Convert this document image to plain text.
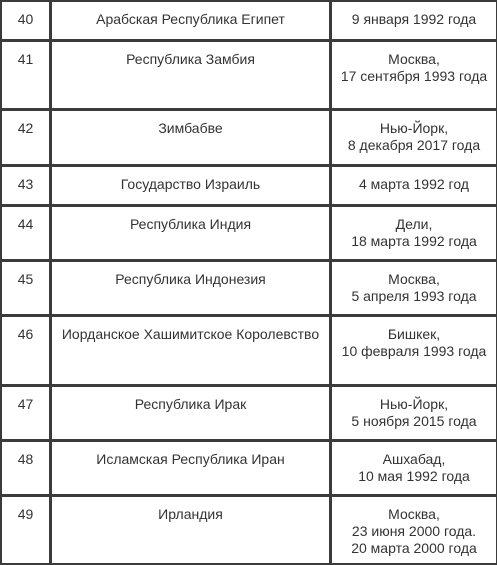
40	Арабская Республика Египет	9 января 1992 года
41	Республика Замбия	Москва,
17 сентября 1993 года
42	Зимбабве	Нью-Йорк,
8 декабря 2017 года
43	Государство Израиль	4 марта 1992 год
44	Республика Индия	Дели,
18 марта 1992 года
45	Республика Индонезия	Москва,
5 апреля 1993 года
46	Иорданское Хашимитское Королевство	Бишкек,
10 февраля 1993 года
47	Республика Ирак	Нью-Йорк,
5 ноября 2015 года
48	Исламская Республика Иран	Ашхабад,
10 мая 1992 года
49	Ирландия	Москва,
23 июня 2000 года.
20 марта 2000 года
